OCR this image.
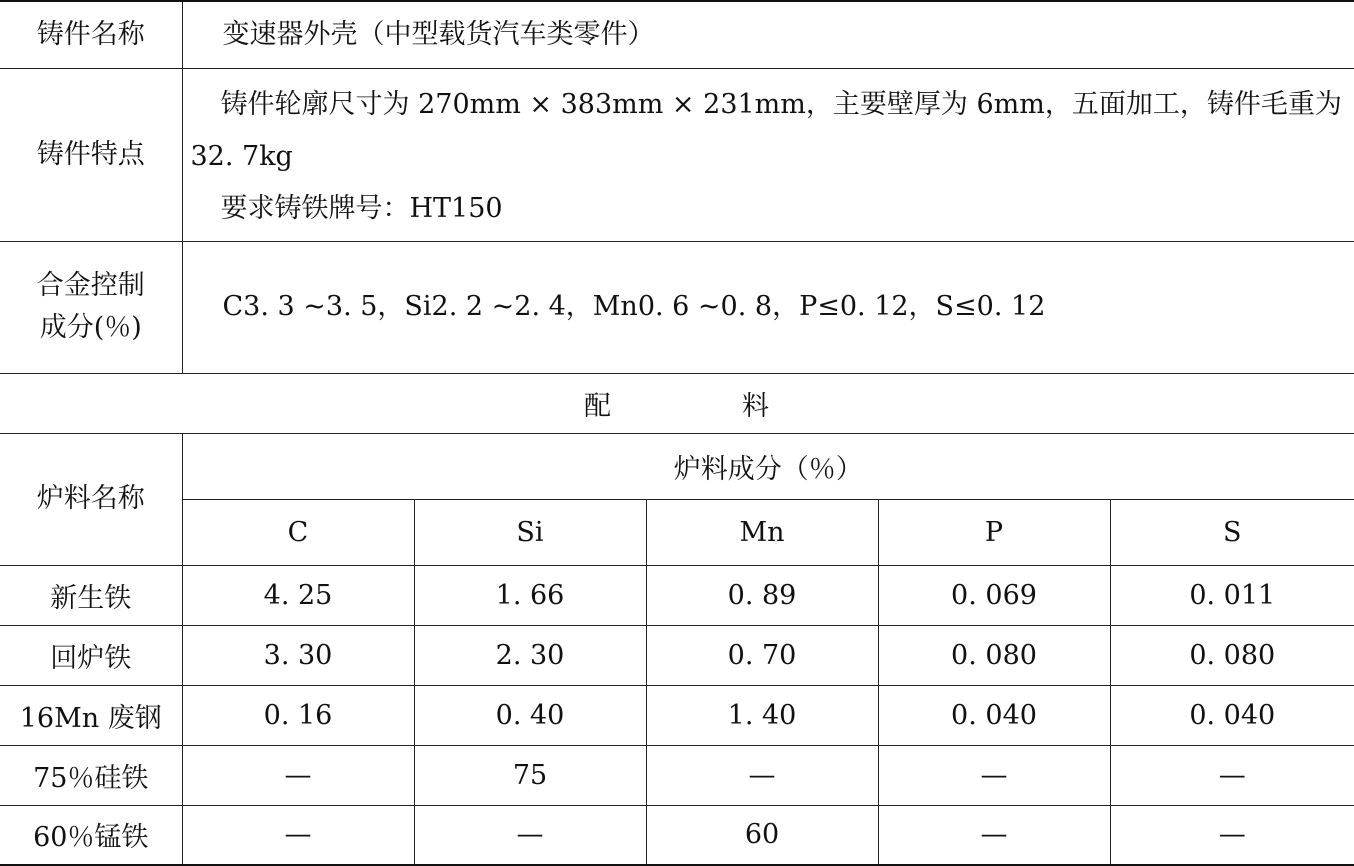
铸件名称	变速器外壳（中型载货汽车类零件）				
铸件特点	铸件轮廓尺寸为 270mm × 383mm × 231mm，主要壁厚为 6mm，五面加工，铸件毛重为 32. 7kg
要求铸铁牌号：HT150				

合金控制
成分(％)	C3. 3 ~3. 5，Si2. 2 ~2. 4，Mn0. 6 ~0. 8，P≤0. 12，S≤0. 12				
配 料					
炉料名称	炉料成分（％）				
	C	Si	Mn	P	S
新生铁	4. 25	1. 66	0. 89	0. 069	0. 011
回炉铁	3. 30	2. 30	0. 70	0. 080	0. 080
16Mn 废钢	0. 16	0. 40	1. 40	0. 040	0. 040
75％硅铁	—	75	—	—	—
60％锰铁	—	—	60	—	—
